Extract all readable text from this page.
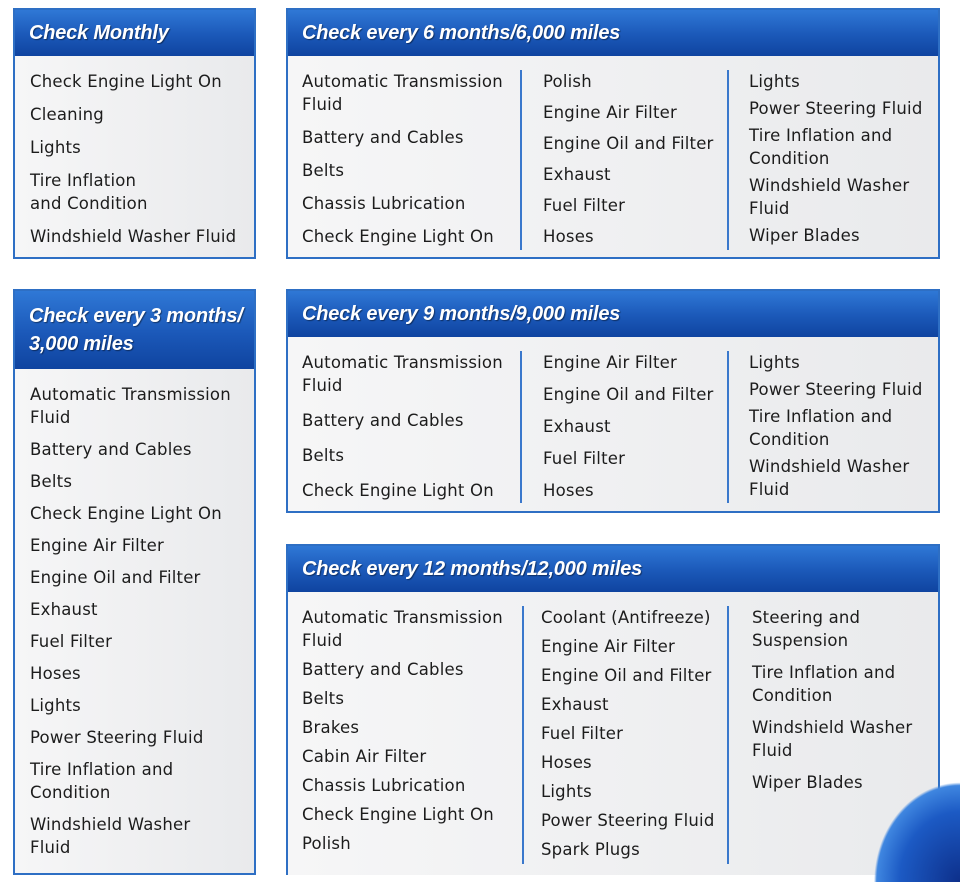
Check Monthly
Check Engine Light On
Cleaning
Lights
Tire Inflation and Condition
Windshield Washer Fluid
Check every 6 months/6,000 miles
Automatic Transmission Fluid
Battery and Cables
Belts
Chassis Lubrication
Check Engine Light On
Polish
Engine Air Filter
Engine Oil and Filter
Exhaust
Fuel Filter
Hoses
Lights
Power Steering Fluid
Tire Inflation and Condition
Windshield Washer Fluid
Wiper Blades
Check every 3 months/ 3,000 miles
Automatic Transmission Fluid
Battery and Cables
Belts
Check Engine Light On
Engine Air Filter
Engine Oil and Filter
Exhaust
Fuel Filter
Hoses
Lights
Power Steering Fluid
Tire Inflation and Condition
Windshield Washer Fluid
Check every 9 months/9,000 miles
Automatic Transmission Fluid
Battery and Cables
Belts
Check Engine Light On
Engine Air Filter
Engine Oil and Filter
Exhaust
Fuel Filter
Hoses
Lights
Power Steering Fluid
Tire Inflation and Condition
Windshield Washer Fluid
Check every 12 months/12,000 miles
Automatic Transmission Fluid
Battery and Cables
Belts
Brakes
Cabin Air Filter
Chassis Lubrication
Check Engine Light On
Polish
Coolant (Antifreeze)
Engine Air Filter
Engine Oil and Filter
Exhaust
Fuel Filter
Hoses
Lights
Power Steering Fluid
Spark Plugs
Steering and Suspension
Tire Inflation and Condition
Windshield Washer Fluid
Wiper Blades
